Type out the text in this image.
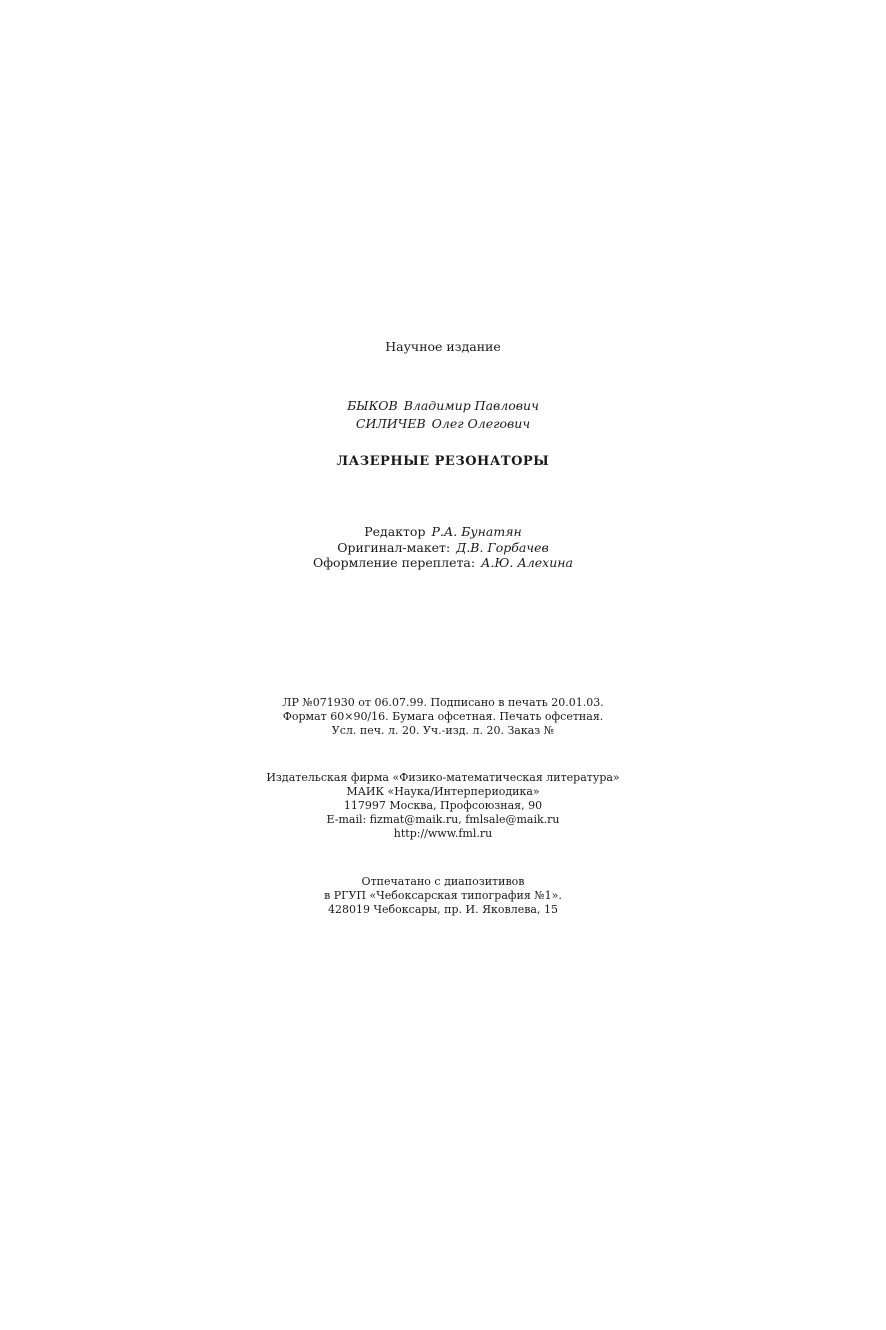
Научное издание
БЫКОВ Владимир Павлович
СИЛИЧЕВ Олег Олегович
ЛАЗЕРНЫЕ РЕЗОНАТОРЫ
Редактор Р.А. Бунатян
Оригинал-макет: Д.В. Горбачев
Оформление переплета: А.Ю. Алехина
ЛР №071930 от 06.07.99. Подписано в печать 20.01.03.
Формат 60×90/16. Бумага офсетная. Печать офсетная.
Усл. печ. л. 20. Уч.-изд. л. 20. Заказ №
Издательская фирма «Физико-математическая литература»
МАИК «Наука/Интерпериодика»
117997 Москва, Профсоюзная, 90
E-mail: fizmat@maik.ru, fmlsale@maik.ru
http://www.fml.ru
Отпечатано с диапозитивов
в РГУП «Чебоксарская типография №1».
428019 Чебоксары, пр. И. Яковлева, 15
